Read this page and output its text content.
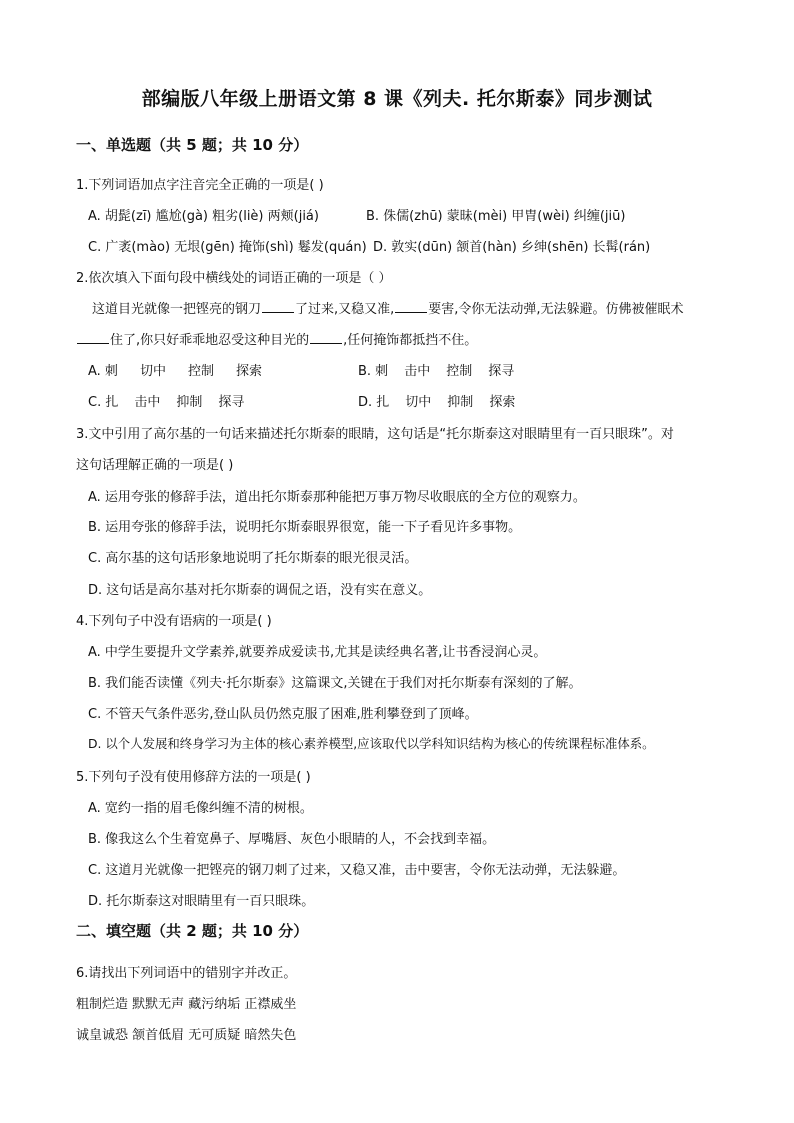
部编版八年级上册语文第 8 课《列夫. 托尔斯泰》同步测试
一、单选题（共 5 题；共 10 分）
1.下列词语加点字注音完全正确的一项是( )
A. 胡髭(zī) 尴尬(gà) 粗劣(liè) 两颊(jiá)	B. 侏儒(zhū) 蒙昧(mèi) 甲胄(wèi) 纠缠(jiū)
C. 广袤(mào) 无垠(gēn) 掩饰(shì) 鬈发(quán) D. 敦实(dūn) 颔首(hàn) 乡绅(shēn) 长髯(rán)
2.依次填入下面句段中横线处的词语正确的一项是（ ）
这道目光就像一把铿亮的钢刀	了过来,又稳又准,	要害,令你无法动弹,无法躲避。仿佛被催眠术
住了,你只好乖乖地忍受这种目光的	,任何掩饰都抵挡不住。
A. 刺 切中 控制 探索	B. 刺 击中 控制 探寻
C. 扎 击中 抑制 探寻	D. 扎 切中 抑制 探索
3.文中引用了高尔基的一句话来描述托尔斯泰的眼睛，这句话是“托尔斯泰这对眼睛里有一百只眼珠”。对
这句话理解正确的一项是( )
A. 运用夸张的修辞手法，道出托尔斯泰那种能把万事万物尽收眼底的全方位的观察力。
B. 运用夸张的修辞手法，说明托尔斯泰眼界很宽，能一下子看见许多事物。
C. 高尔基的这句话形象地说明了托尔斯泰的眼光很灵活。
D. 这句话是高尔基对托尔斯泰的调侃之语，没有实在意义。
4.下列句子中没有语病的一项是( )
A. 中学生要提升文学素养,就要养成爱读书,尤其是读经典名著,让书香浸润心灵。
B. 我们能否读懂《列夫·托尔斯泰》这篇课文,关键在于我们对托尔斯泰有深刻的了解。
C. 不管天气条件恶劣,登山队员仍然克服了困难,胜利攀登到了顶峰。
D. 以个人发展和终身学习为主体的核心素养模型,应该取代以学科知识结构为核心的传统课程标准体系。
5.下列句子没有使用修辞方法的一项是( )
A. 宽约一指的眉毛像纠缠不清的树根。
B. 像我这么个生着宽鼻子、厚嘴唇、灰色小眼睛的人，不会找到幸福。
C. 这道月光就像一把铿亮的钢刀刺了过来，又稳又准，击中要害，令你无法动弹，无法躲避。
D. 托尔斯泰这对眼睛里有一百只眼珠。
二、填空题（共 2 题；共 10 分）
6.请找出下列词语中的错别字并改正。
粗制烂造 默默无声 藏污纳垢 正襟威坐
诚皇诚恐 颔首低眉 无可质疑 暗然失色
